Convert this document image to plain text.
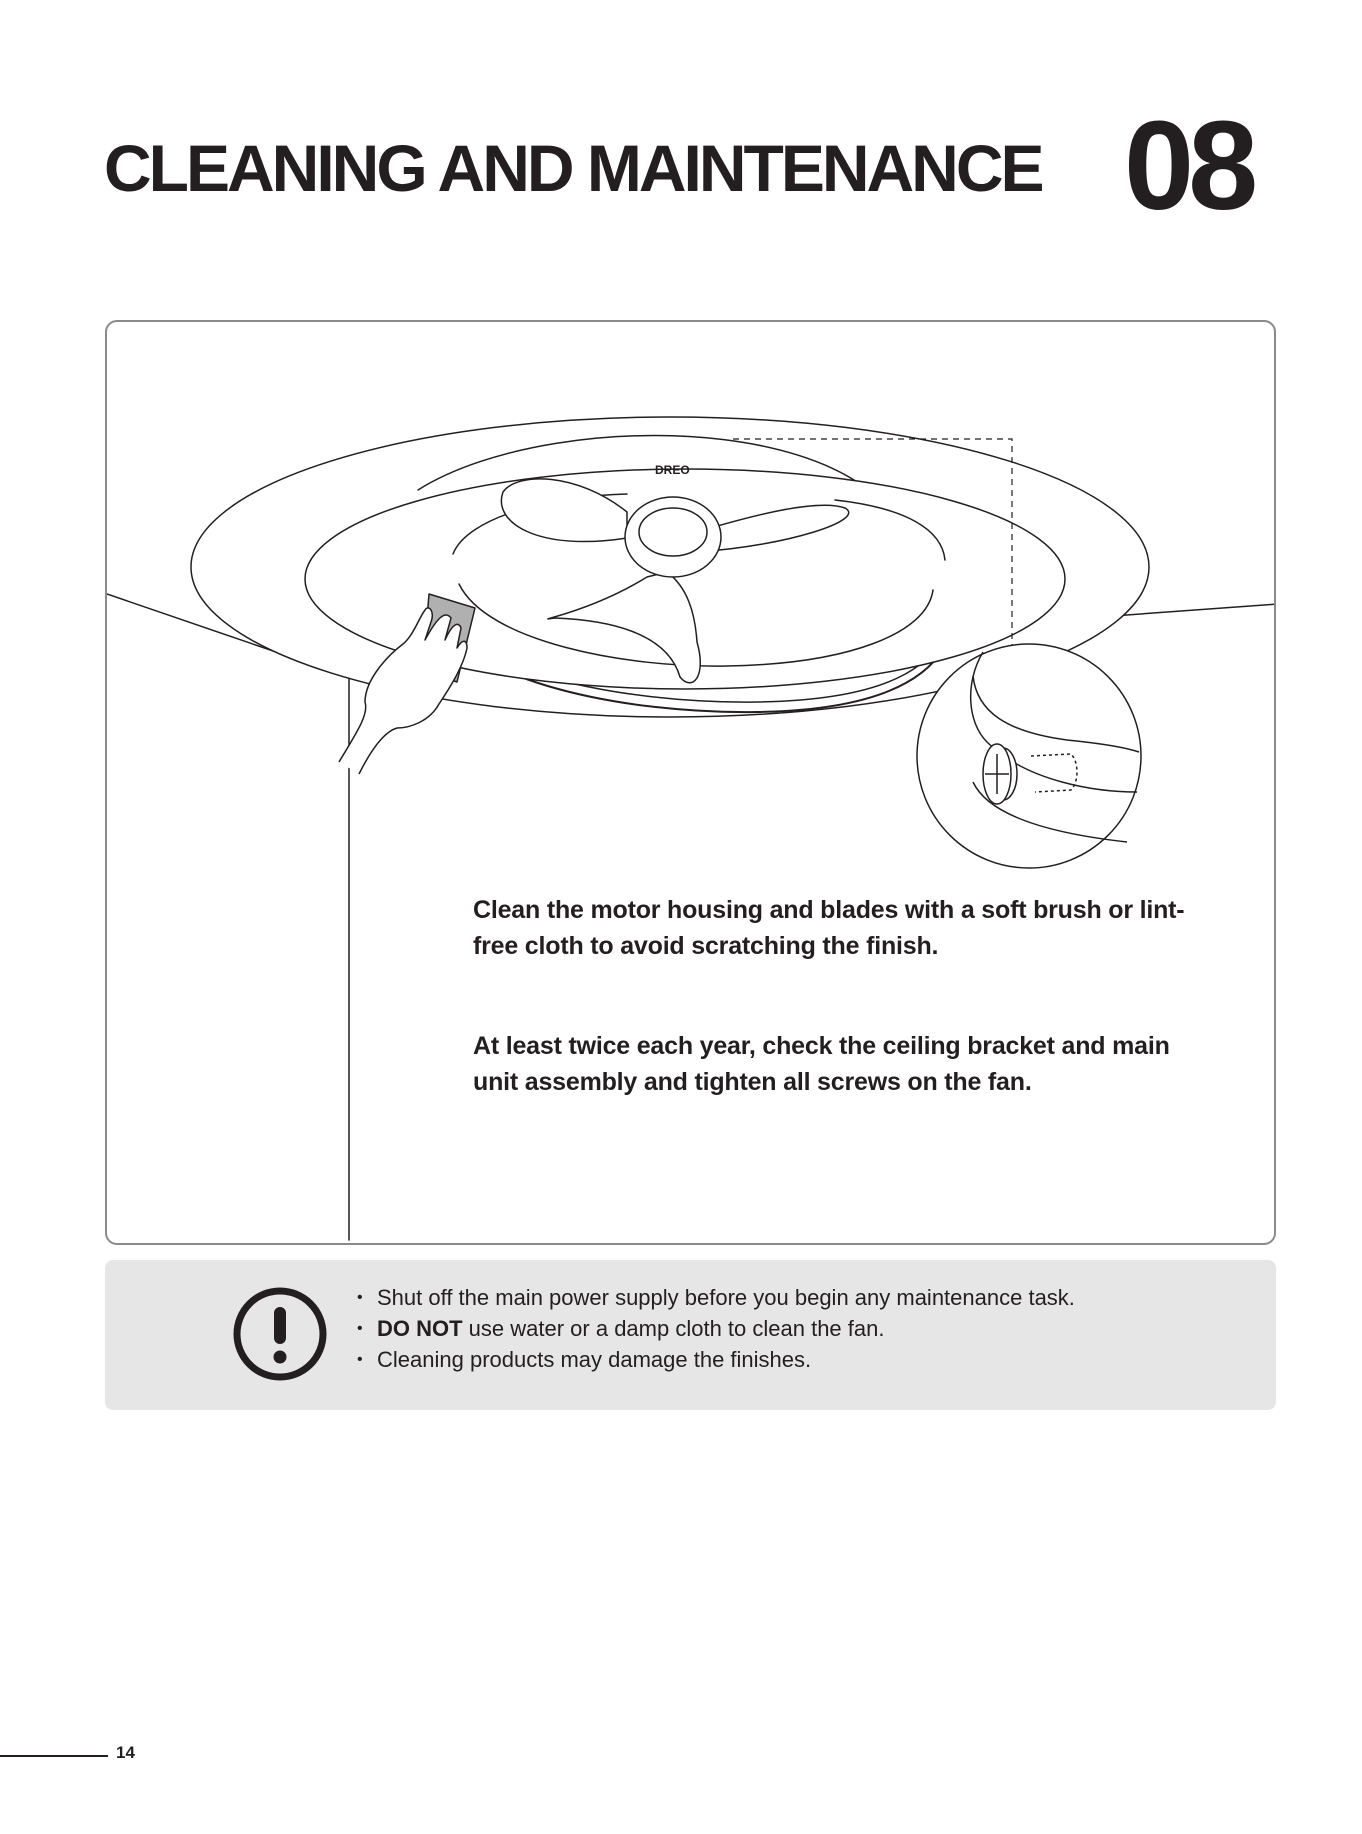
CLEANING AND MAINTENANCE 08
DREO

Clean the motor housing and blades with a soft brush or lint-free cloth to avoid scratching the finish.

At least twice each year, check the ceiling bracket and main unit assembly and tighten all screws on the fan.

• Shut off the main power supply before you begin any maintenance task.
• DO NOT use water or a damp cloth to clean the fan.
• Cleaning products may damage the finishes.
14
